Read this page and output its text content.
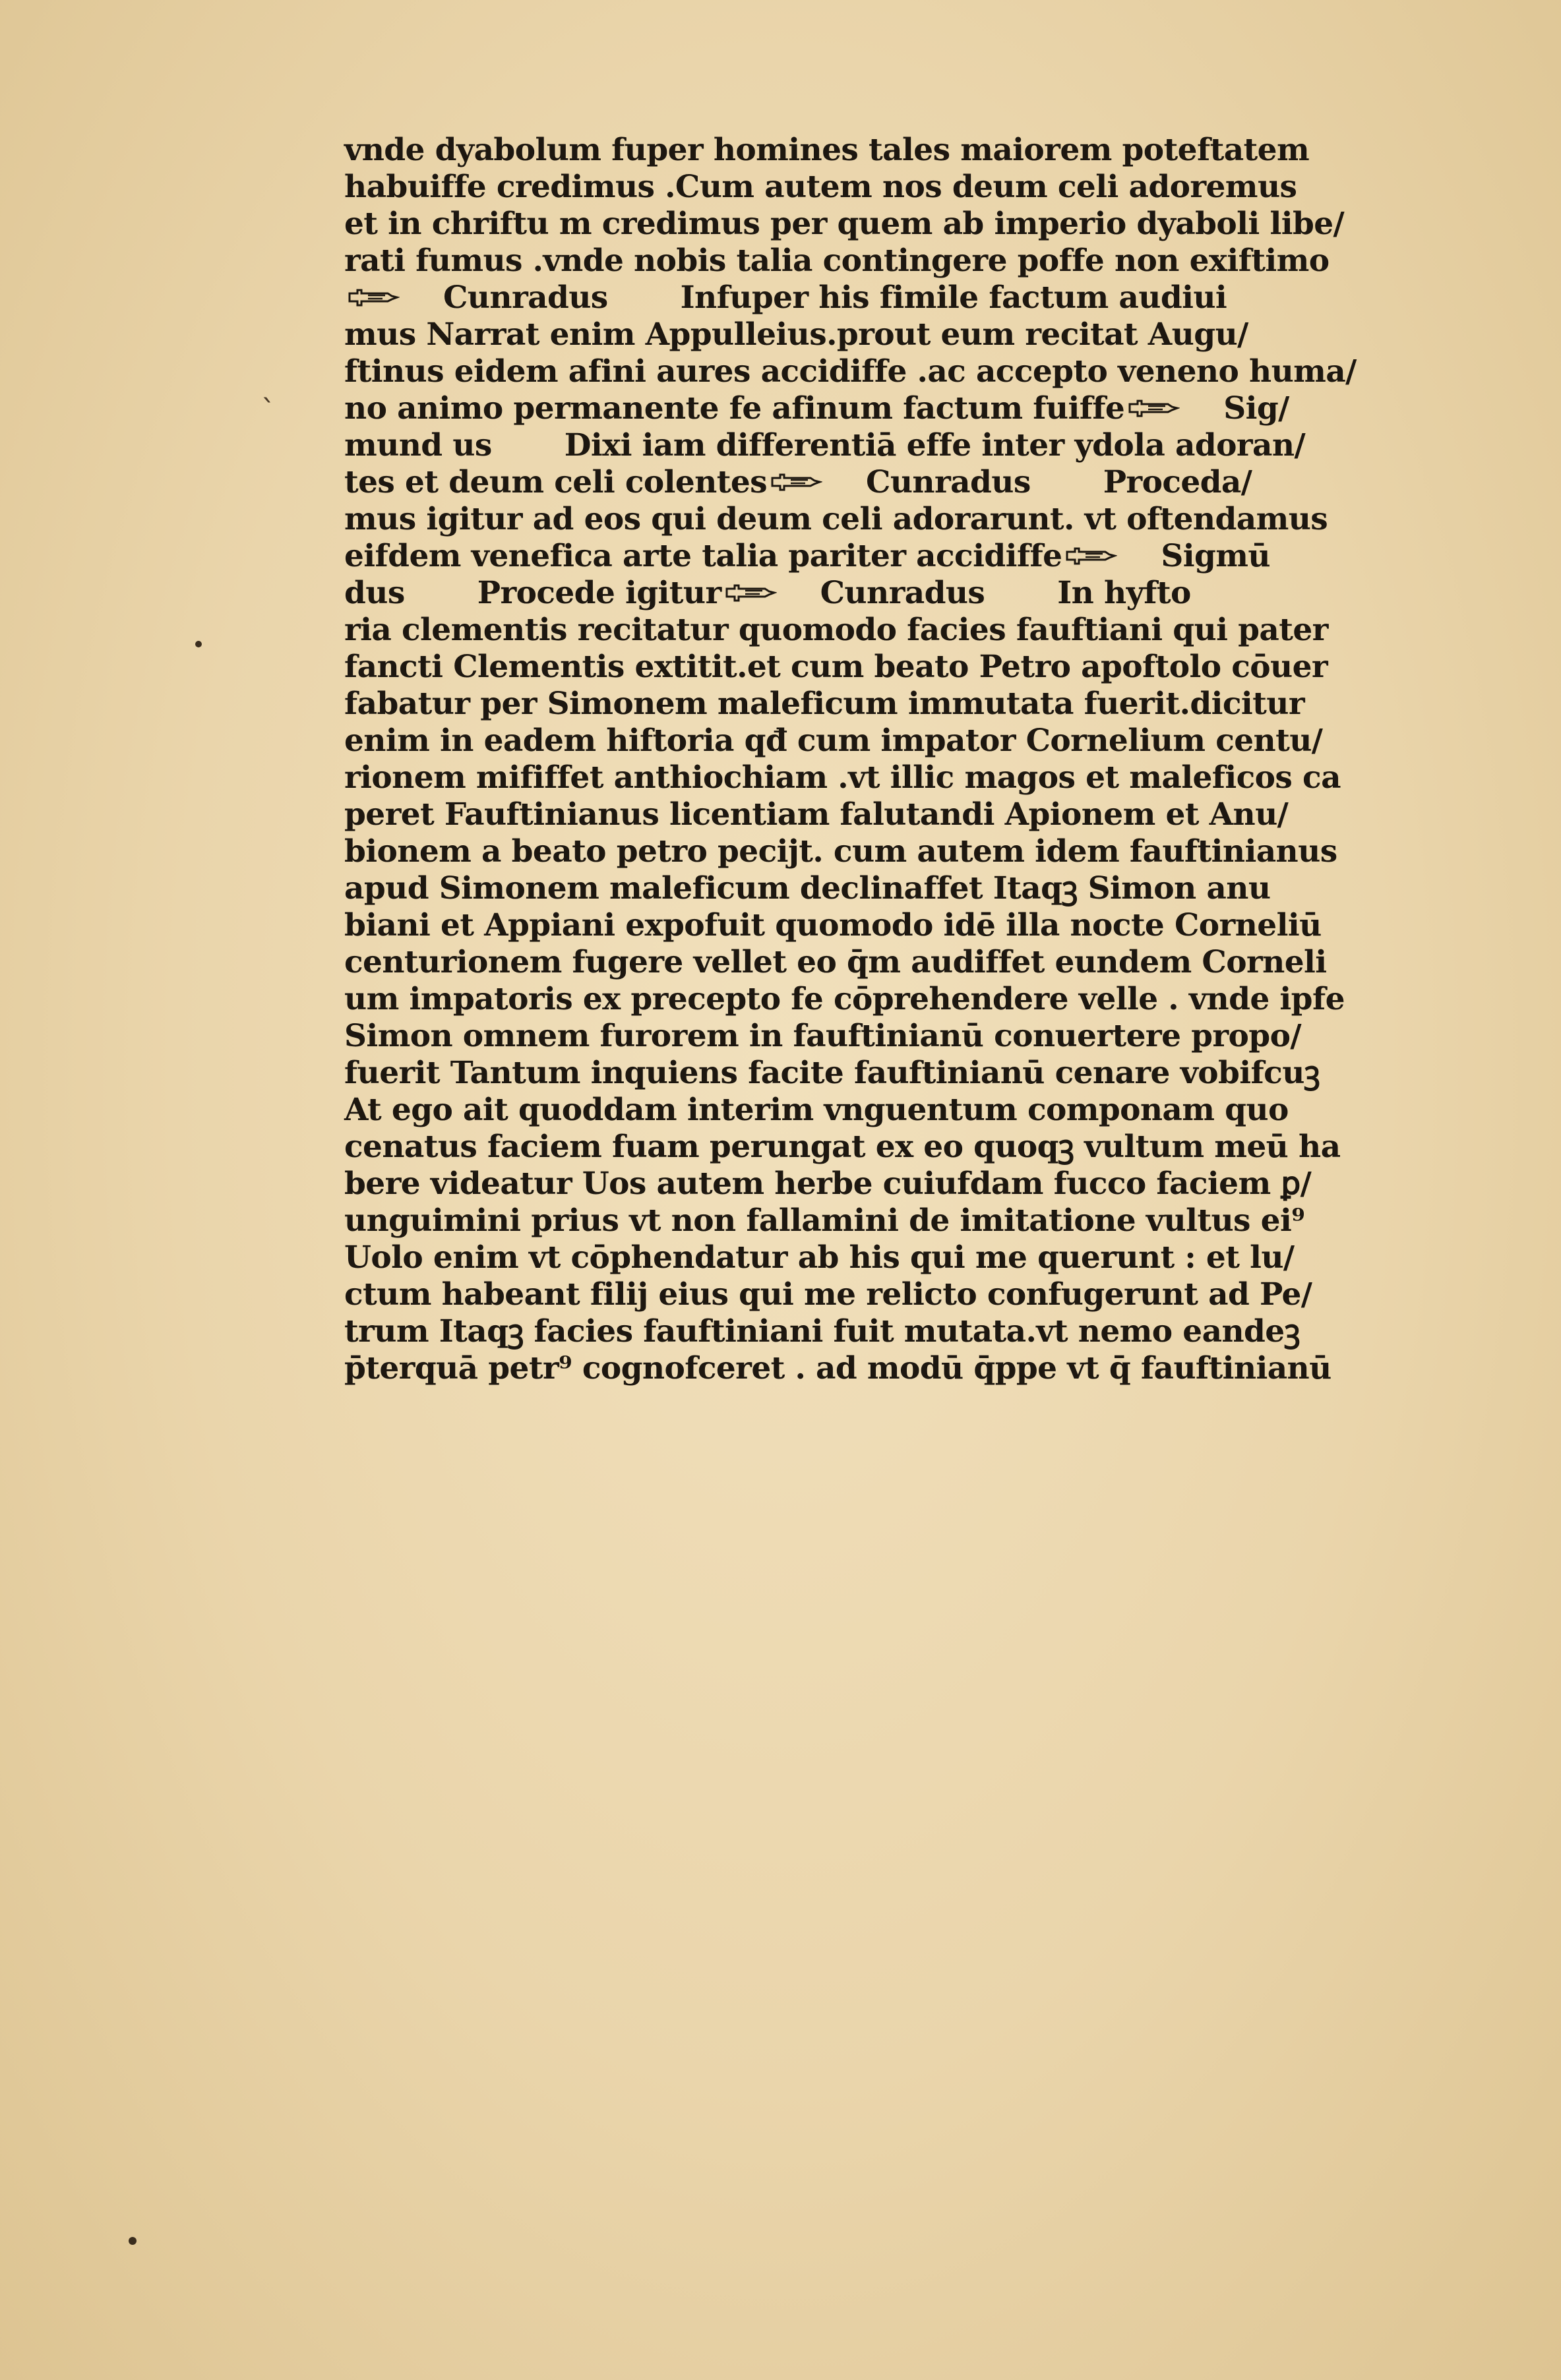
vnde dyabolum fuper homines tales maiorem poteftatem
habuiffe credimus .Cum autem nos deum celi adoremus
et in chriftu m credimus per quem ab imperio dyaboli libe/
rati fumus .vnde nobis talia contingere poffe non exiftimo
Cunradus Infuper his fimile factum audiui
mus Narrat enim Appulleius.prout eum recitat Augu/
ftinus eidem afini aures accidiffe .ac accepto veneno huma/
no animo permanente fe afinum factum fuiffe	Sig/
mund us Dixi iam differentiā effe inter ydola adoran/
tes et deum celi colentes	Cunradus Proceda/
mus igitur ad eos qui deum celi adorarunt. vt oftendamus
eifdem venefica arte talia pariter accidiffe	Sigmū
dus Procede igitur	Cunradus In hyfto
ria clementis recitatur quomodo facies fauftiani qui pater
fancti Clementis extitit.et cum beato Petro apoftolo cōuer
fabatur per Simonem maleficum immutata fuerit.dicitur
enim in eadem hiftoria qđ cum impator Cornelium centu/
rionem mififfet anthiochiam .vt illic magos et maleficos ca
peret Fauftinianus licentiam falutandi Apionem et Anu/
bionem a beato petro pecijt. cum autem idem fauftinianus
apud Simonem maleficum declinaffet Itaqꝫ Simon anu
biani et Appiani expofuit quomodo idē illa nocte Corneliū
centurionem fugere vellet eo q̄m audiffet eundem Corneli
um impatoris ex precepto fe cōprehendere velle . vnde ipfe
Simon omnem furorem in fauftinianū conuertere propo/
fuerit Tantum inquiens facite fauftinianū cenare vobifcuꝫ
At ego ait quoddam interim vnguentum componam quo
cenatus faciem fuam perungat ex eo quoqꝫ vultum meū ha
bere videatur Uos autem herbe cuiufdam fucco faciem ꝑ/
unguimini prius vt non fallamini de imitatione vultus ei⁹
Uolo enim vt cōphendatur ab his qui me querunt : et lu/
ctum habeant filij eius qui me relicto confugerunt ad Pe/
trum Itaqꝫ facies fauftiniani fuit mutata.vt nemo eandeꝫ
p̄terquā petr⁹ cognofceret . ad modū q̄ppe vt q̄ fauftinianū
ˎ
